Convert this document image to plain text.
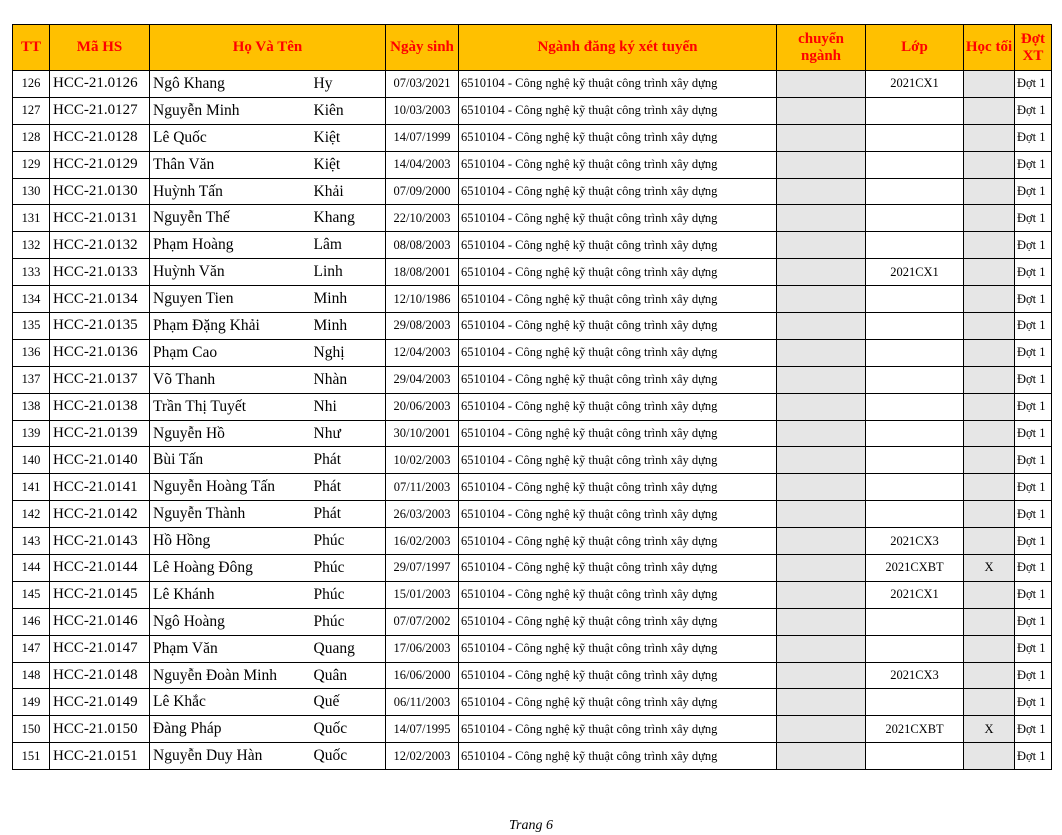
TT	Mã HS	Họ Và Tên		Ngày sinh	Ngành đăng ký xét tuyển	chuyển ngành	Lớp	Học tối	Đợt XT
126	HCC-21.0126	Ngô Khang	Hy	07/03/2021	6510104 - Công nghệ kỹ thuật công trình xây dựng		2021CX1		Đợt 1
127	HCC-21.0127	Nguyễn Minh	Kiên	10/03/2003	6510104 - Công nghệ kỹ thuật công trình xây dựng				Đợt 1
128	HCC-21.0128	Lê Quốc	Kiệt	14/07/1999	6510104 - Công nghệ kỹ thuật công trình xây dựng				Đợt 1
129	HCC-21.0129	Thân Văn	Kiệt	14/04/2003	6510104 - Công nghệ kỹ thuật công trình xây dựng				Đợt 1
130	HCC-21.0130	Huỳnh Tấn	Khải	07/09/2000	6510104 - Công nghệ kỹ thuật công trình xây dựng				Đợt 1
131	HCC-21.0131	Nguyễn Thế	Khang	22/10/2003	6510104 - Công nghệ kỹ thuật công trình xây dựng				Đợt 1
132	HCC-21.0132	Phạm Hoàng	Lâm	08/08/2003	6510104 - Công nghệ kỹ thuật công trình xây dựng				Đợt 1
133	HCC-21.0133	Huỳnh Văn	Linh	18/08/2001	6510104 - Công nghệ kỹ thuật công trình xây dựng		2021CX1		Đợt 1
134	HCC-21.0134	Nguyen Tien	Minh	12/10/1986	6510104 - Công nghệ kỹ thuật công trình xây dựng				Đợt 1
135	HCC-21.0135	Phạm Đặng Khải	Minh	29/08/2003	6510104 - Công nghệ kỹ thuật công trình xây dựng				Đợt 1
136	HCC-21.0136	Phạm Cao	Nghị	12/04/2003	6510104 - Công nghệ kỹ thuật công trình xây dựng				Đợt 1
137	HCC-21.0137	Võ Thanh	Nhàn	29/04/2003	6510104 - Công nghệ kỹ thuật công trình xây dựng				Đợt 1
138	HCC-21.0138	Trần Thị Tuyết	Nhi	20/06/2003	6510104 - Công nghệ kỹ thuật công trình xây dựng				Đợt 1
139	HCC-21.0139	Nguyễn Hồ	Như	30/10/2001	6510104 - Công nghệ kỹ thuật công trình xây dựng				Đợt 1
140	HCC-21.0140	Bùi Tấn	Phát	10/02/2003	6510104 - Công nghệ kỹ thuật công trình xây dựng				Đợt 1
141	HCC-21.0141	Nguyễn Hoàng Tấn	Phát	07/11/2003	6510104 - Công nghệ kỹ thuật công trình xây dựng				Đợt 1
142	HCC-21.0142	Nguyễn Thành	Phát	26/03/2003	6510104 - Công nghệ kỹ thuật công trình xây dựng				Đợt 1
143	HCC-21.0143	Hồ Hồng	Phúc	16/02/2003	6510104 - Công nghệ kỹ thuật công trình xây dựng		2021CX3		Đợt 1
144	HCC-21.0144	Lê Hoàng Đông	Phúc	29/07/1997	6510104 - Công nghệ kỹ thuật công trình xây dựng		2021CXBT	X	Đợt 1
145	HCC-21.0145	Lê Khánh	Phúc	15/01/2003	6510104 - Công nghệ kỹ thuật công trình xây dựng		2021CX1		Đợt 1
146	HCC-21.0146	Ngô Hoàng	Phúc	07/07/2002	6510104 - Công nghệ kỹ thuật công trình xây dựng				Đợt 1
147	HCC-21.0147	Phạm Văn	Quang	17/06/2003	6510104 - Công nghệ kỹ thuật công trình xây dựng				Đợt 1
148	HCC-21.0148	Nguyễn Đoàn Minh	Quân	16/06/2000	6510104 - Công nghệ kỹ thuật công trình xây dựng		2021CX3		Đợt 1
149	HCC-21.0149	Lê Khắc	Quế	06/11/2003	6510104 - Công nghệ kỹ thuật công trình xây dựng				Đợt 1
150	HCC-21.0150	Đàng Pháp	Quốc	14/07/1995	6510104 - Công nghệ kỹ thuật công trình xây dựng		2021CXBT	X	Đợt 1
151	HCC-21.0151	Nguyễn Duy Hàn	Quốc	12/02/2003	6510104 - Công nghệ kỹ thuật công trình xây dựng				Đợt 1
Trang 6
